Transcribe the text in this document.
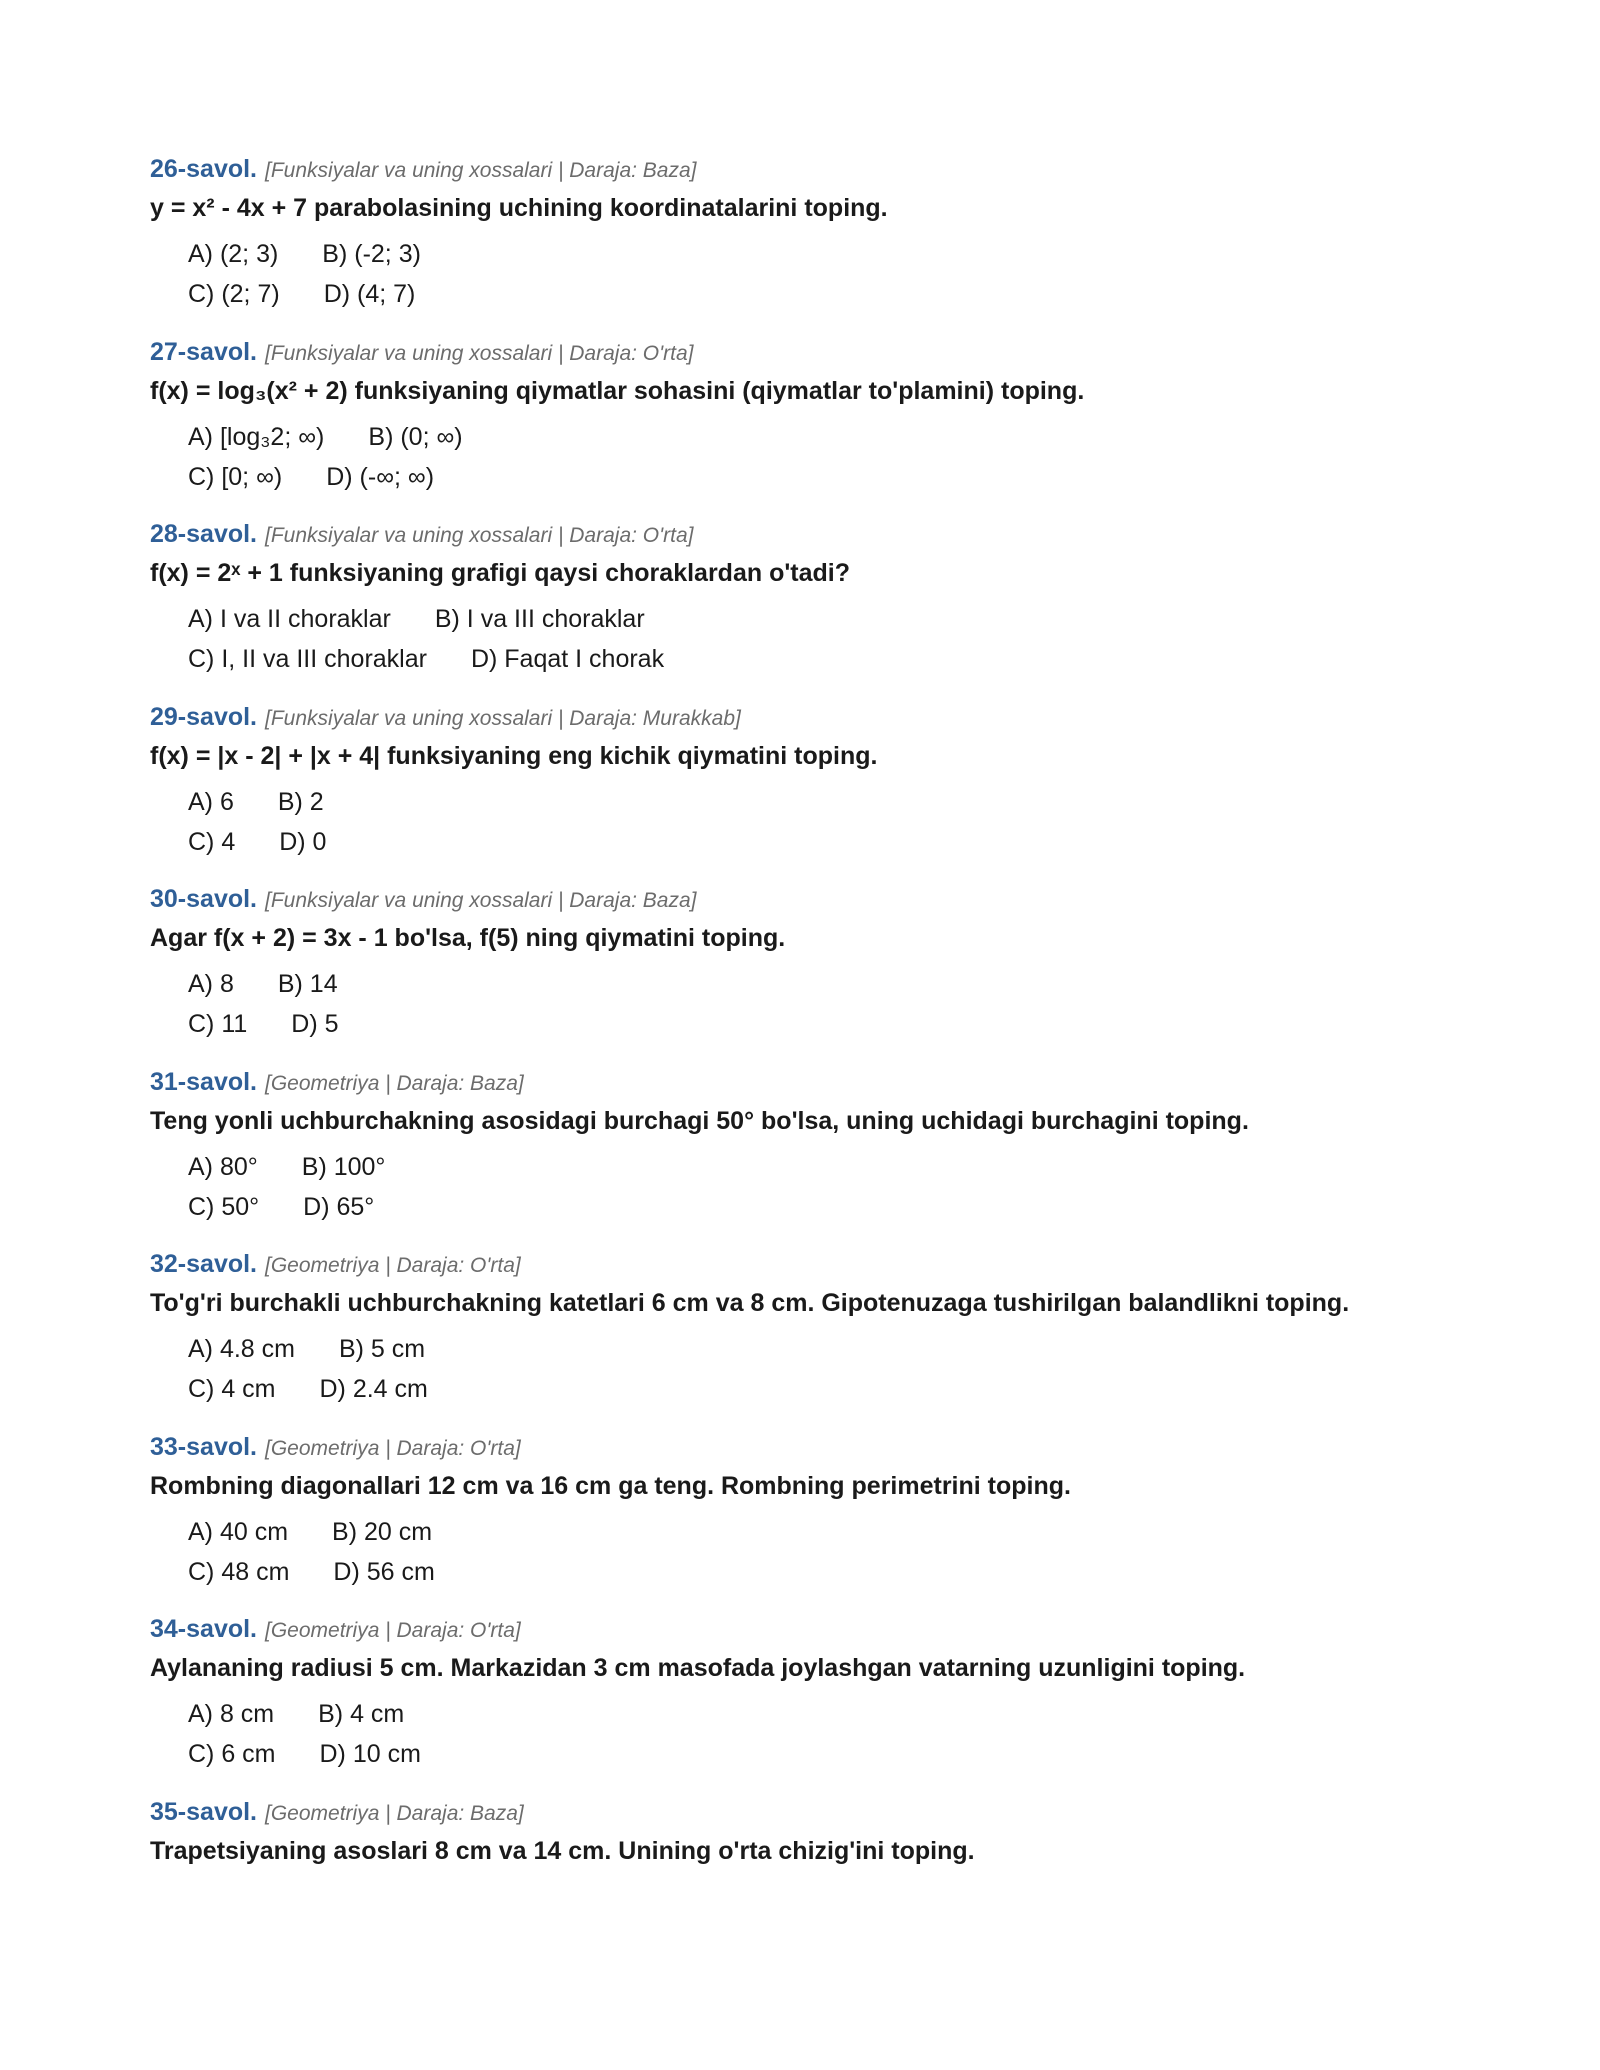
26-savol. [Funksiyalar va uning xossalari | Daraja: Baza]
y = x² - 4x + 7 parabolasining uchining koordinatalarini toping.
A) (2; 3) B) (-2; 3)
C) (2; 7) D) (4; 7)
27-savol. [Funksiyalar va uning xossalari | Daraja: O'rta]
f(x) = log₃(x² + 2) funksiyaning qiymatlar sohasini (qiymatlar to'plamini) toping.
A) [log₃2; ∞) B) (0; ∞)
C) [0; ∞) D) (-∞; ∞)
28-savol. [Funksiyalar va uning xossalari | Daraja: O'rta]
f(x) = 2ˣ + 1 funksiyaning grafigi qaysi choraklardan o'tadi?
A) I va II choraklar B) I va III choraklar
C) I, II va III choraklar D) Faqat I chorak
29-savol. [Funksiyalar va uning xossalari | Daraja: Murakkab]
f(x) = |x - 2| + |x + 4| funksiyaning eng kichik qiymatini toping.
A) 6 B) 2
C) 4 D) 0
30-savol. [Funksiyalar va uning xossalari | Daraja: Baza]
Agar f(x + 2) = 3x - 1 bo'lsa, f(5) ning qiymatini toping.
A) 8 B) 14
C) 11 D) 5
31-savol. [Geometriya | Daraja: Baza]
Teng yonli uchburchakning asosidagi burchagi 50° bo'lsa, uning uchidagi burchagini toping.
A) 80° B) 100°
C) 50° D) 65°
32-savol. [Geometriya | Daraja: O'rta]
To'g'ri burchakli uchburchakning katetlari 6 cm va 8 cm. Gipotenuzaga tushirilgan balandlikni toping.
A) 4.8 cm B) 5 cm
C) 4 cm D) 2.4 cm
33-savol. [Geometriya | Daraja: O'rta]
Rombning diagonallari 12 cm va 16 cm ga teng. Rombning perimetrini toping.
A) 40 cm B) 20 cm
C) 48 cm D) 56 cm
34-savol. [Geometriya | Daraja: O'rta]
Aylananing radiusi 5 cm. Markazidan 3 cm masofada joylashgan vatarning uzunligini toping.
A) 8 cm B) 4 cm
C) 6 cm D) 10 cm
35-savol. [Geometriya | Daraja: Baza]
Trapetsiyaning asoslari 8 cm va 14 cm. Unining o'rta chizig'ini toping.
